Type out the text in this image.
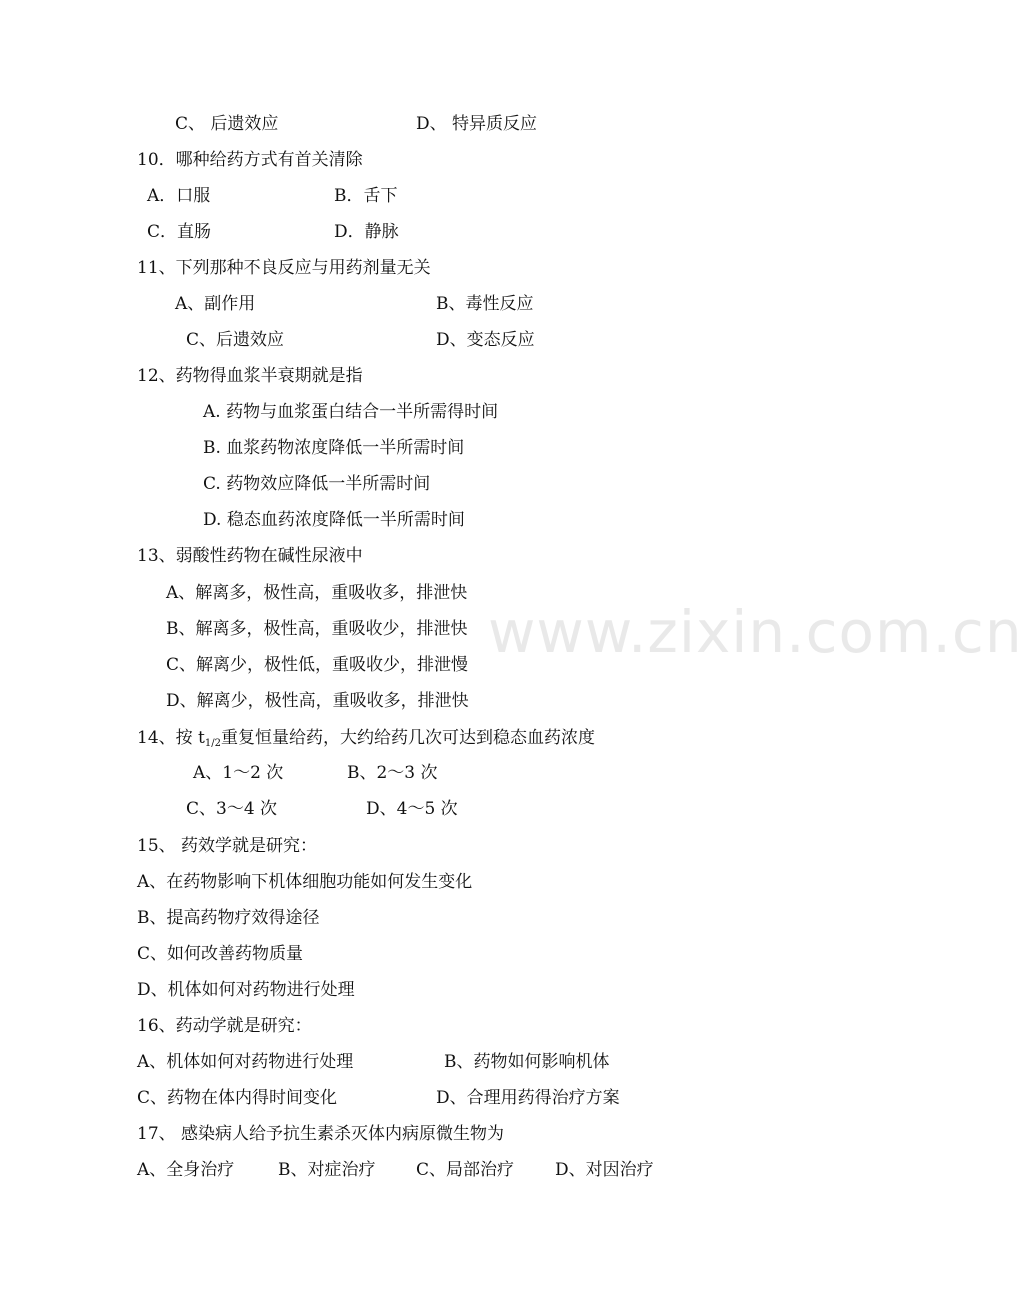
www.zixin.com.cn
C、 后遗效应	D、 特异质反应
10．哪种给药方式有首关清除
A．口服	B．舌下
C．直肠	D．静脉
11、下列那种不良反应与用药剂量无关
A、副作用	B、毒性反应
C、后遗效应	D、变态反应
12、药物得血浆半衰期就是指
A. 药物与血浆蛋白结合一半所需得时间
B. 血浆药物浓度降低一半所需时间
C. 药物效应降低一半所需时间
D. 稳态血药浓度降低一半所需时间
13、弱酸性药物在碱性尿液中
A、解离多，极性高，重吸收多，排泄快
B、解离多，极性高，重吸收少，排泄快
C、解离少，极性低，重吸收少，排泄慢
D、解离少，极性高，重吸收多，排泄快
14、按 $t_{1/2}$重复恒量给药，大约给药几次可达到稳态血药浓度
A、1～2 次	B、2～3 次
C、3～4 次	D、4～5 次
15、 药效学就是研究：
A、在药物影响下机体细胞功能如何发生变化
B、提高药物疗效得途径
C、如何改善药物质量
D、机体如何对药物进行处理
16、药动学就是研究：
A、机体如何对药物进行处理	B、药物如何影响机体
C、药物在体内得时间变化	D、合理用药得治疗方案
17、 感染病人给予抗生素杀灭体内病原微生物为
A、全身治疗	B、对症治疗 C、局部治疗 D、对因治疗
